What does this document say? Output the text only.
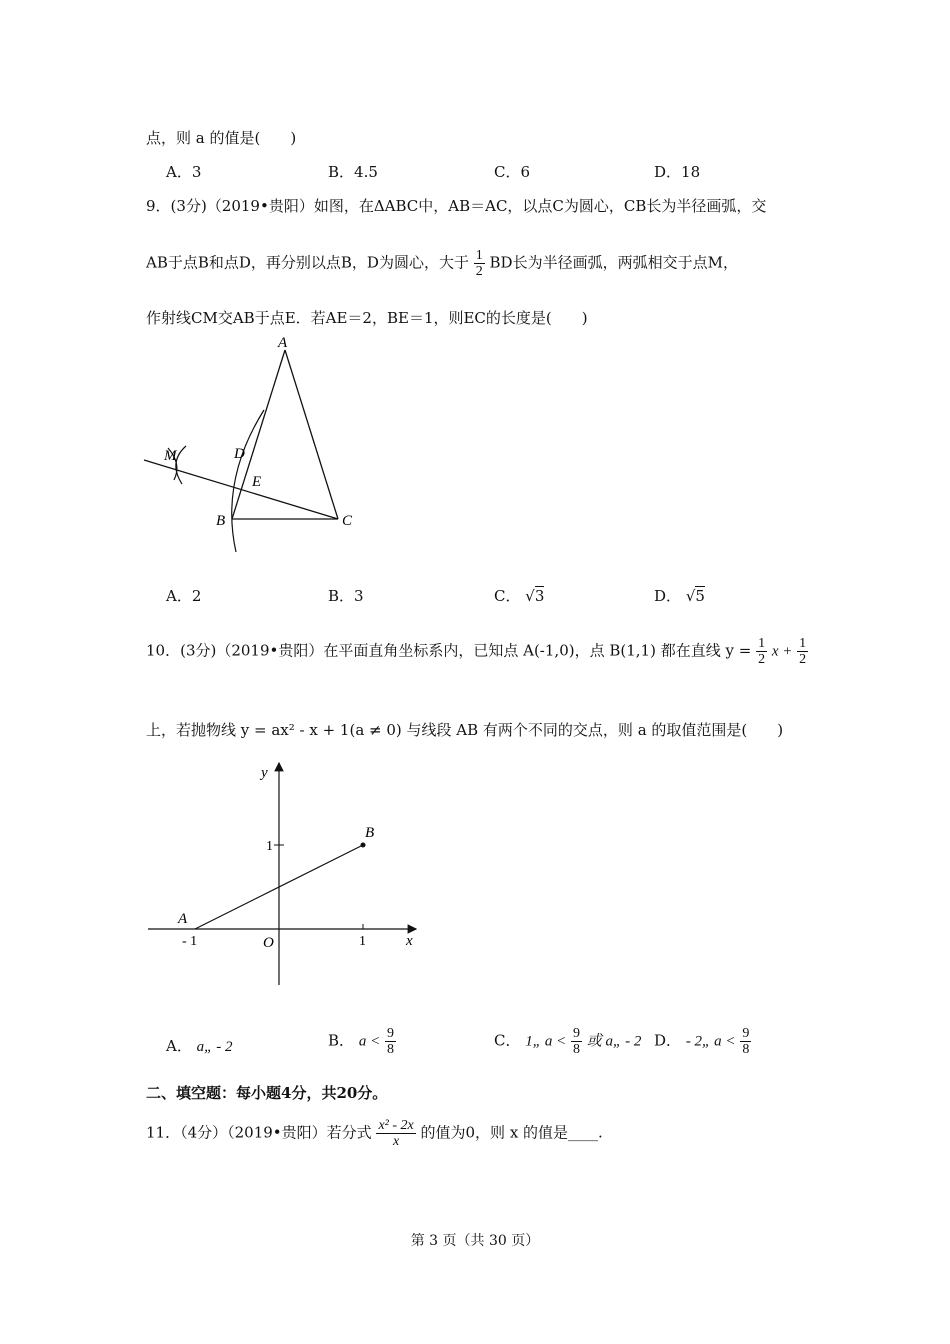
点，则 a 的值是(　　)
A．3	B．4.5	C．6	D．18
9．(3分)（2019•贵阳）如图，在ΔABC中，AB＝AC，以点C为圆心，CB长为半径画弧，交
AB于点B和点D，再分别以点B，D为圆心，大于 $\frac{1}{2}$ BD长为半径画弧，两弧相交于点M，
作射线CM交AB于点E．若AE＝2，BE＝1，则EC的长度是(　　)
A
B	C
D
E
M
A．2	B．3	C． √3	D． √5
10．(3分)（2019•贵阳）在平面直角坐标系内，已知点 A(-1,0)，点 B(1,1) 都在直线 $y = \frac{1}{2}$ $x + \frac{1}{2}$
上，若抛物线 y = ax² - x + 1(a ≠ 0) 与线段 AB 有两个不同的交点，则 a 的取值范围是(　　)
y
x
O
A
B
1
1
- 1
A． a„ - 2	B． $a < \frac{9}{8}$	C． 1„ $a < \frac{9}{8}$ 或 a„ - 2 D． - 2„ $a < \frac{9}{8}$
二、填空题：每小题4分，共20分。
11．（4分）（2019•贵阳）若分式 $\frac{\text{x² - 2x}}{x}$ 的值为0，则 x 的值是____.
第 3 页（共 30 页）
